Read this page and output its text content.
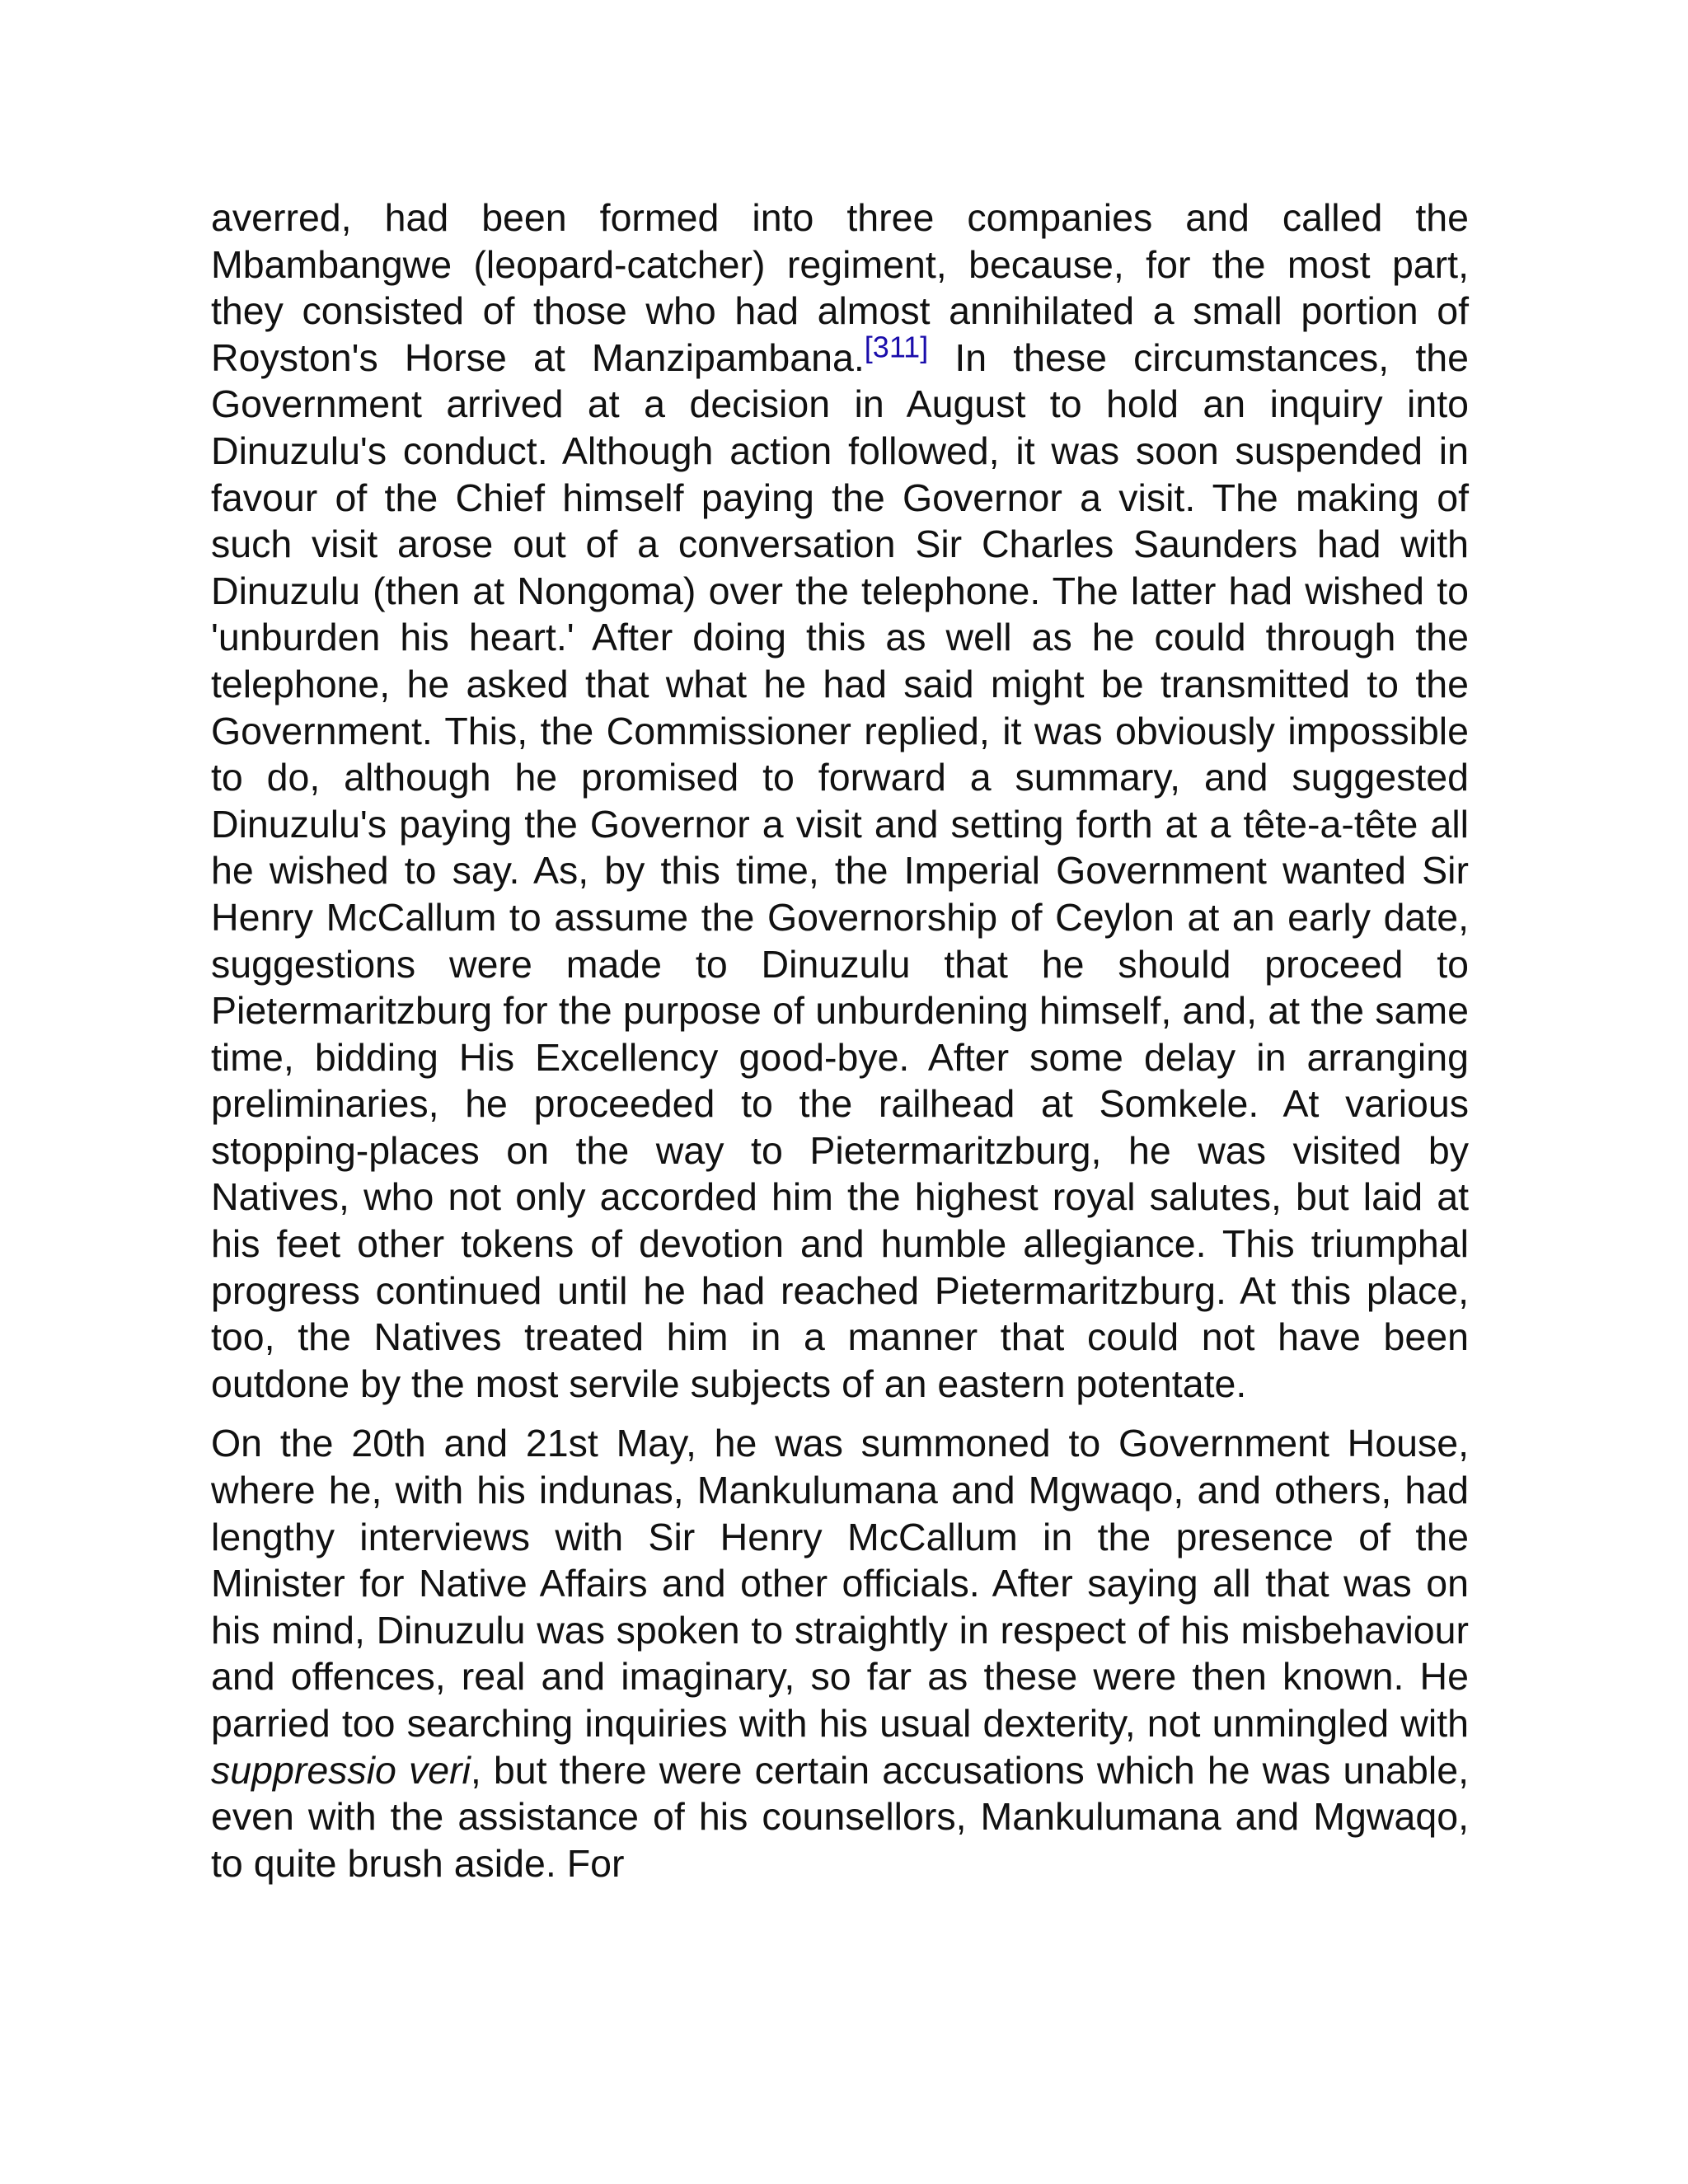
averred, had been formed into three companies and called the Mbambangwe (leopard-catcher) regiment, because, for the most part, they consisted of those who had almost annihilated a small portion of Royston's Horse at Manzipambana.[311] In these circumstances, the Government arrived at a decision in August to hold an inquiry into Dinuzulu's conduct. Although action followed, it was soon suspended in favour of the Chief himself paying the Governor a visit. The making of such visit arose out of a conversation Sir Charles Saunders had with Dinuzulu (then at Nongoma) over the telephone. The latter had wished to 'unburden his heart.' After doing this as well as he could through the telephone, he asked that what he had said might be transmitted to the Government. This, the Commissioner replied, it was obviously impossible to do, although he promised to forward a summary, and suggested Dinuzulu's paying the Governor a visit and setting forth at a tête-a-tête all he wished to say. As, by this time, the Imperial Government wanted Sir Henry McCallum to assume the Governorship of Ceylon at an early date, suggestions were made to Dinuzulu that he should proceed to Pietermaritzburg for the purpose of unburdening himself, and, at the same time, bidding His Excellency good-bye. After some delay in arranging preliminaries, he proceeded to the railhead at Somkele. At various stopping-places on the way to Pietermaritzburg, he was visited by Natives, who not only accorded him the highest royal salutes, but laid at his feet other tokens of devotion and humble allegiance. This triumphal progress continued until he had reached Pietermaritzburg. At this place, too, the Natives treated him in a manner that could not have been outdone by the most servile subjects of an eastern potentate.

On the 20th and 21st May, he was summoned to Government House, where he, with his indunas, Mankulumana and Mgwaqo, and others, had lengthy interviews with Sir Henry McCallum in the presence of the Minister for Native Affairs and other officials. After saying all that was on his mind, Dinuzulu was spoken to straightly in respect of his misbehaviour and offences, real and imaginary, so far as these were then known. He parried too searching inquiries with his usual dexterity, not unmingled with suppressio veri, but there were certain accusations which he was unable, even with the assistance of his counsellors, Mankulumana and Mgwaqo, to quite brush aside. For
